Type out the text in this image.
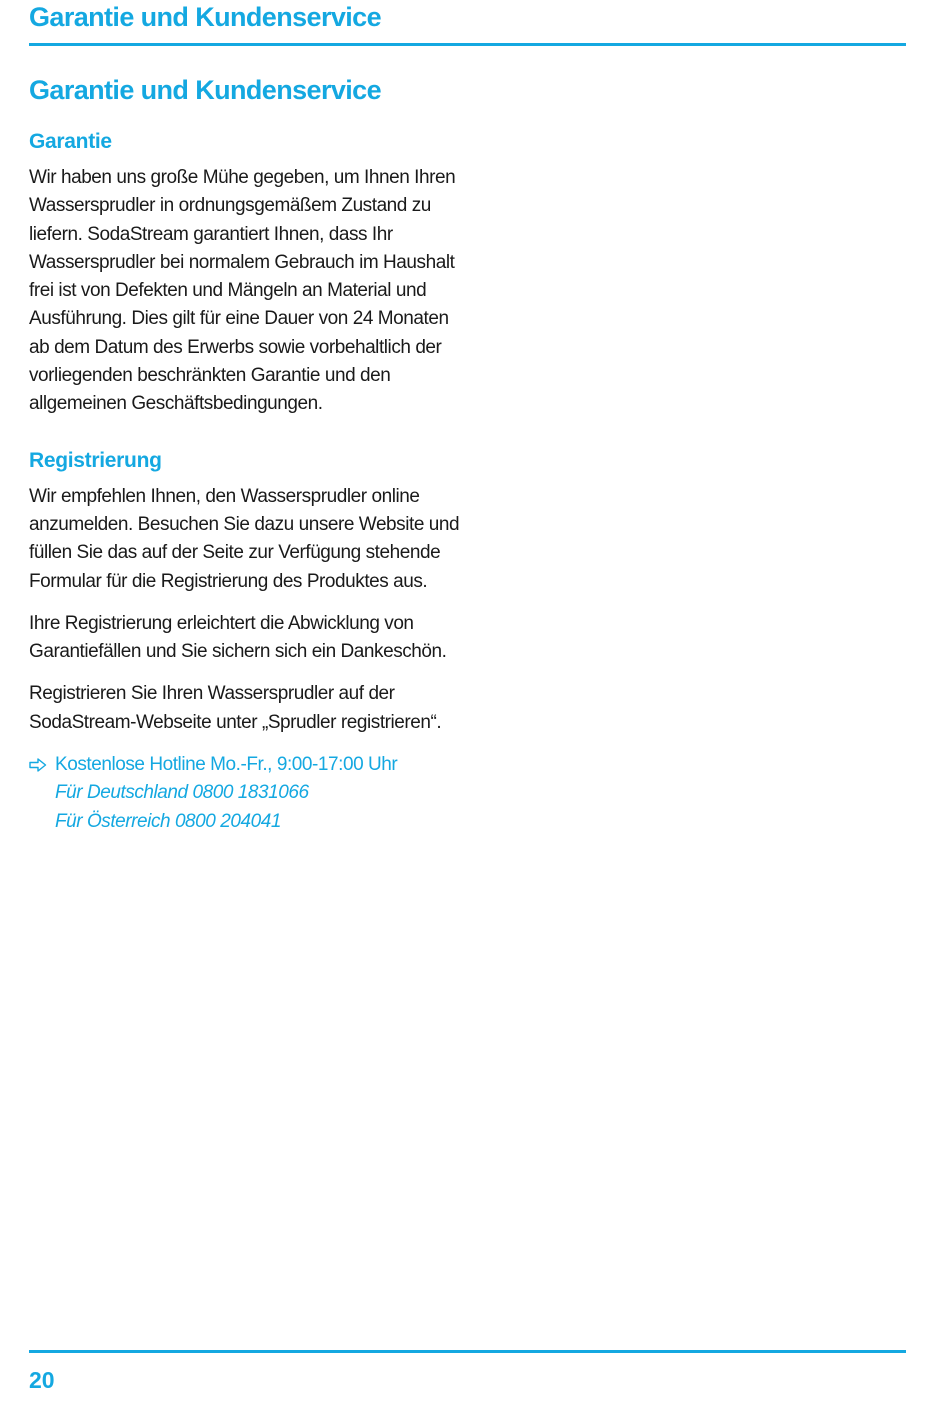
Garantie und Kundenservice
Garantie und Kundenservice
Garantie

Wir haben uns große Mühe gegeben, um Ihnen Ihren Wassersprudler in ordnungsgemäßem Zustand zu liefern. SodaStream garantiert Ihnen, dass Ihr Wassersprudler bei normalem Gebrauch im Haushalt frei ist von Defekten und Mängeln an Material und Ausführung. Dies gilt für eine Dauer von 24 Monaten ab dem Datum des Erwerbs sowie vorbehaltlich der vorliegenden beschränkten Garantie und den allgemeinen Geschäftsbedingungen.

Registrierung

Wir empfehlen Ihnen, den Wassersprudler online anzumelden. Besuchen Sie dazu unsere Website und füllen Sie das auf der Seite zur Verfügung stehende Formular für die Registrierung des Produktes aus.

Ihre Registrierung erleichtert die Abwicklung von Garantiefällen und Sie sichern sich ein Dankeschön.

Registrieren Sie Ihren Wassersprudler auf der SodaStream-Webseite unter „Sprudler registrieren“.

Kostenlose Hotline Mo.-Fr., 9:00-17:00 Uhr
Für Deutschland 0800 1831066
Für Österreich 0800 204041
20
